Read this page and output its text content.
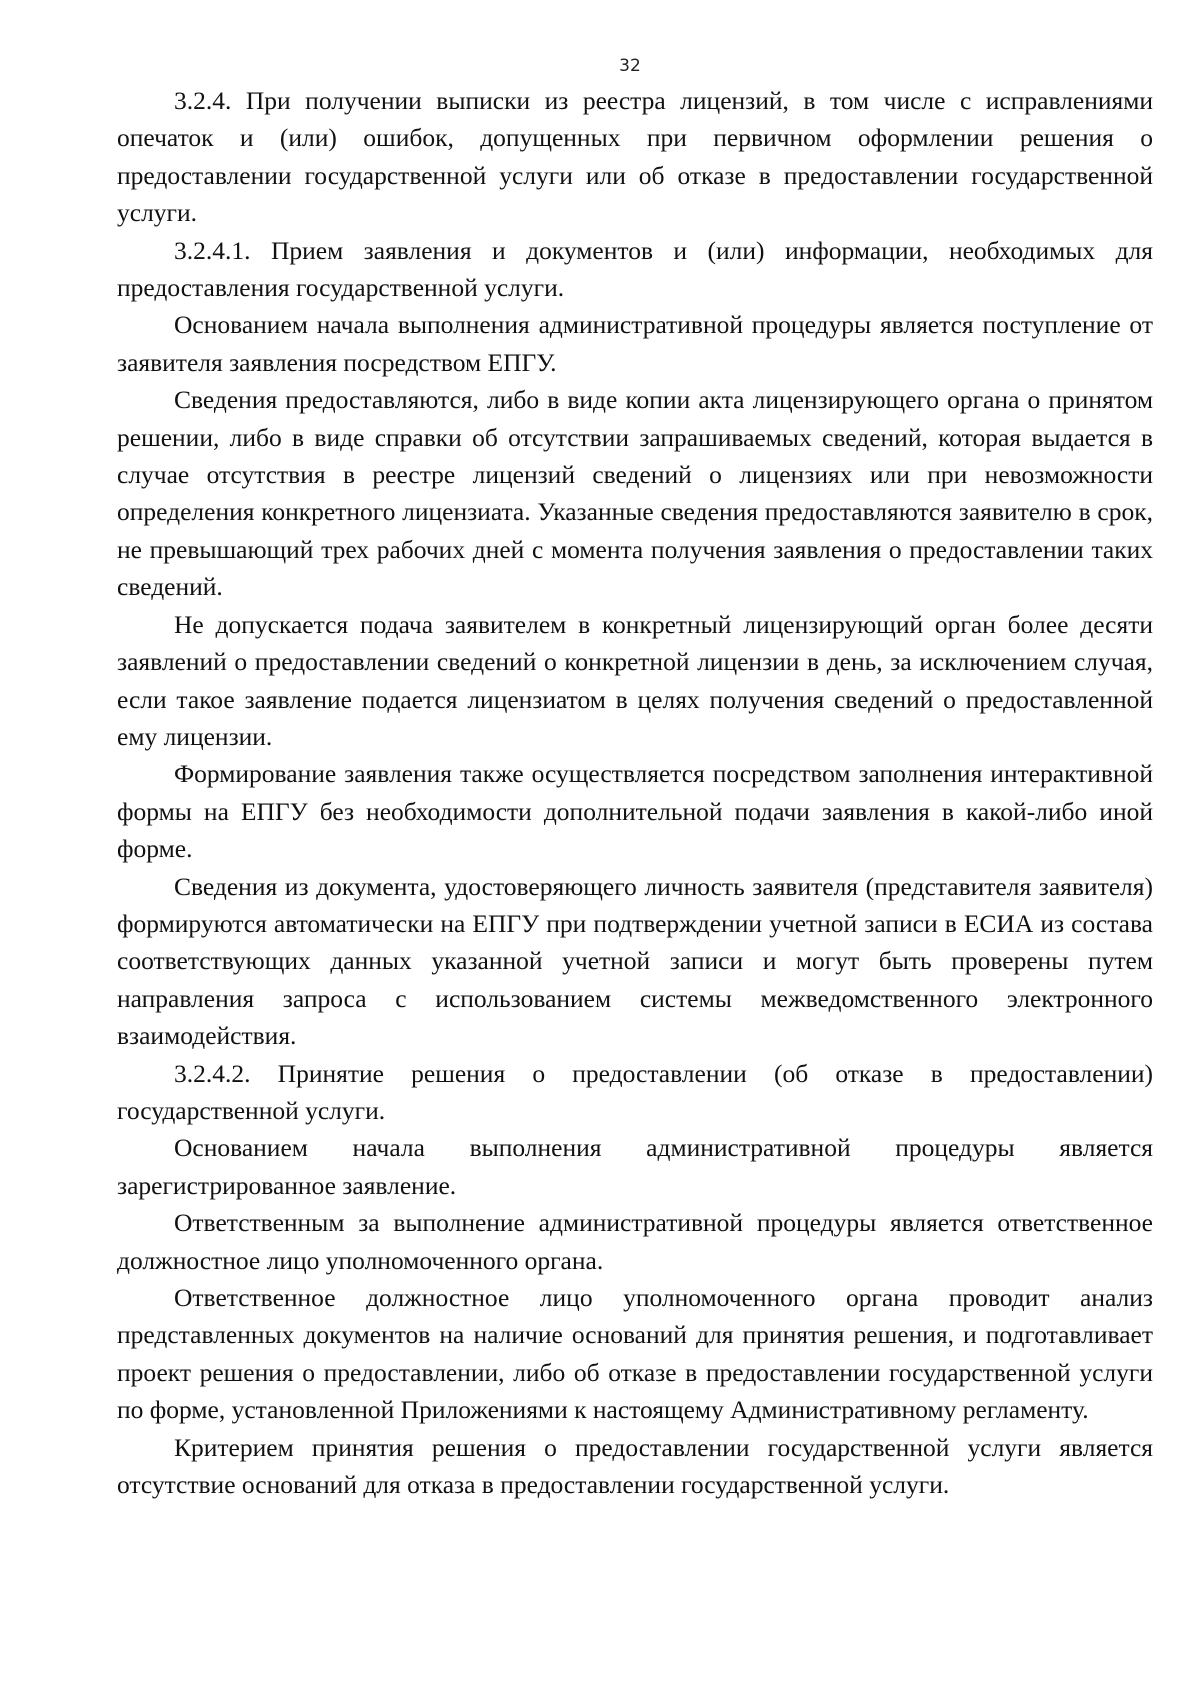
32

3.2.4. При получении выписки из реестра лицензий, в том числе с исправлениями опечаток и (или) ошибок, допущенных при первичном оформлении решения о предоставлении государственной услуги или об отказе в предоставлении государственной услуги.

3.2.4.1. Прием заявления и документов и (или) информации, необходимых для предоставления государственной услуги.

Основанием начала выполнения административной процедуры является поступление от заявителя заявления посредством ЕПГУ.

Сведения предоставляются, либо в виде копии акта лицензирующего органа о принятом решении, либо в виде справки об отсутствии запрашиваемых сведений, которая выдается в случае отсутствия в реестре лицензий сведений о лицензиях или при невозможности определения конкретного лицензиата. Указанные сведения предоставляются заявителю в срок, не превышающий трех рабочих дней с момента получения заявления о предоставлении таких сведений.

Не допускается подача заявителем в конкретный лицензирующий орган более десяти заявлений о предоставлении сведений о конкретной лицензии в день, за исключением случая, если такое заявление подается лицензиатом в целях получения сведений о предоставленной ему лицензии.

Формирование заявления также осуществляется посредством заполнения интерактивной формы на ЕПГУ без необходимости дополнительной подачи заявления в какой-либо иной форме.

Сведения из документа, удостоверяющего личность заявителя (представителя заявителя) формируются автоматически на ЕПГУ при подтверждении учетной записи в ЕСИА из состава соответствующих данных указанной учетной записи и могут быть проверены путем направления запроса с использованием системы межведомственного электронного взаимодействия.

3.2.4.2. Принятие решения о предоставлении (об отказе в предоставлении) государственной услуги.

Основанием начала выполнения административной процедуры является зарегистрированное заявление.

Ответственным за выполнение административной процедуры является ответственное должностное лицо уполномоченного органа.

Ответственное должностное лицо уполномоченного органа проводит анализ представленных документов на наличие оснований для принятия решения, и подготавливает проект решения о предоставлении, либо об отказе в предоставлении государственной услуги по форме, установленной Приложениями к настоящему Административному регламенту.

Критерием принятия решения о предоставлении государственной услуги является отсутствие оснований для отказа в предоставлении государственной услуги.
